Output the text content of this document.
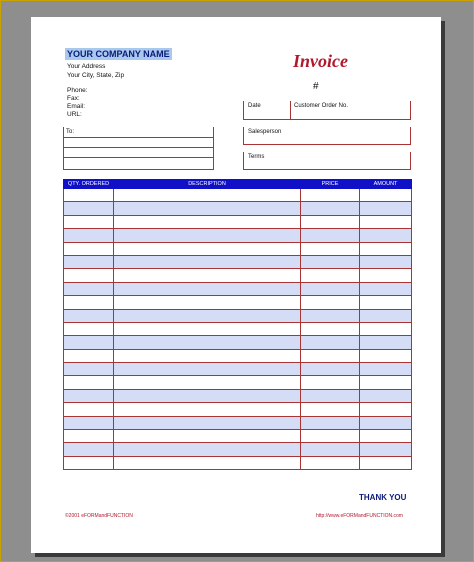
YOUR COMPANY NAME
Your Address
Your City, State, Zip
Phone:
Fax:
Email:
URL:
Invoice
#
Date	Customer Order No.
To:	Salesperson
Terms
QTY. ORDERED	DESCRIPTION	PRICE	AMOUNT

THANK YOU
©2001 eFORMandFUNCTION	http://www.eFORMandFUNCTION.com
